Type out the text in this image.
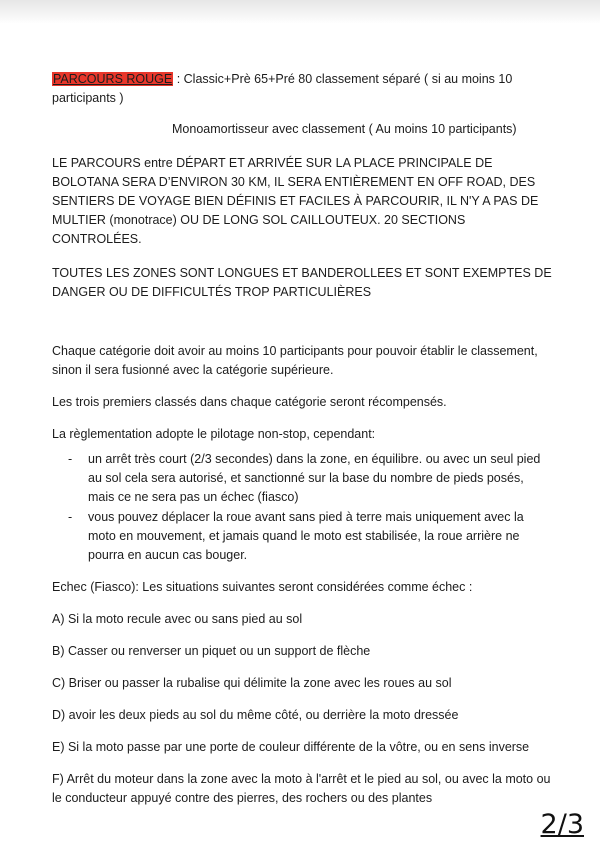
PARCOURS ROUGE : Classic+Prè 65+Pré 80 classement séparé ( si au moins 10 participants )

Monoamortisseur avec classement ( Au moins 10 participants)

LE PARCOURS entre DÉPART ET ARRIVÉE SUR LA PLACE PRINCIPALE DE BOLOTANA SERA D’ENVIRON 30 KM, IL SERA ENTIÈREMENT EN OFF ROAD, DES SENTIERS DE VOYAGE BIEN DÉFINIS ET FACILES À PARCOURIR, IL N'Y A PAS DE MULTIER (monotrace) OU DE LONG SOL CAILLOUTEUX. 20 SECTIONS CONTROLÉES.

TOUTES LES ZONES SONT LONGUES ET BANDEROLLEES ET SONT EXEMPTES DE DANGER OU DE DIFFICULTÉS TROP PARTICULIÈRES

Chaque catégorie doit avoir au moins 10 participants pour pouvoir établir le classement, sinon il sera fusionné avec la catégorie supérieure.

Les trois premiers classés dans chaque catégorie seront récompensés.

La règlementation adopte le pilotage non-stop, cependant:

- un arrêt très court (2/3 secondes) dans la zone, en équilibre. ou avec un seul pied au sol cela sera autorisé, et sanctionné sur la base du nombre de pieds posés, mais ce ne sera pas un échec (fiasco)
- vous pouvez déplacer la roue avant sans pied à terre mais uniquement avec la moto en mouvement, et jamais quand le moto est stabilisée, la roue arrière ne pourra en aucun cas bouger.

Echec (Fiasco): Les situations suivantes seront considérées comme échec :

A) Si la moto recule avec ou sans pied au sol

B) Casser ou renverser un piquet ou un support de flèche

C) Briser ou passer la rubalise qui délimite la zone avec les roues au sol

D) avoir les deux pieds au sol du même côté, ou derrière la moto dressée

E) Si la moto passe par une porte de couleur différente de la vôtre, ou en sens inverse

F) Arrêt du moteur dans la zone avec la moto à l'arrêt et le pied au sol, ou avec la moto ou le conducteur appuyé contre des pierres, des rochers ou des plantes

2/3
